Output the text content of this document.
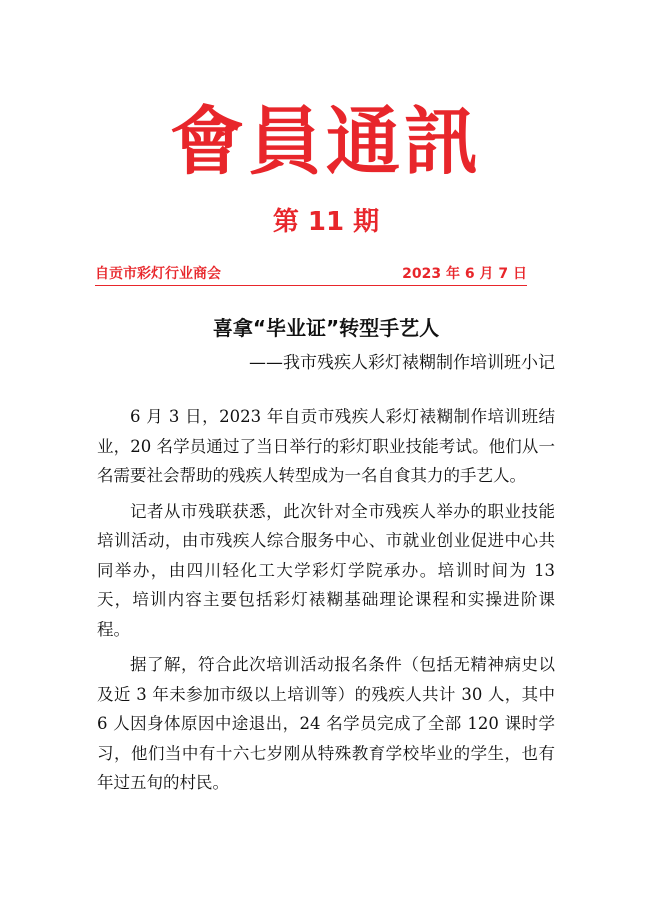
會員通訊
第 11 期
自贡市彩灯行业商会	2023 年 6 月 7 日
喜拿“毕业证”转型手艺人
——我市残疾人彩灯裱糊制作培训班小记

6 月 3 日，2023 年自贡市残疾人彩灯裱糊制作培训班结业，20 名学员通过了当日举行的彩灯职业技能考试。他们从一名需要社会帮助的残疾人转型成为一名自食其力的手艺人。

记者从市残联获悉，此次针对全市残疾人举办的职业技能培训活动，由市残疾人综合服务中心、市就业创业促进中心共同举办，由四川轻化工大学彩灯学院承办。培训时间为 13 天，培训内容主要包括彩灯裱糊基础理论课程和实操进阶课程。

据了解，符合此次培训活动报名条件（包括无精神病史以及近 3 年未参加市级以上培训等）的残疾人共计 30 人，其中 6 人因身体原因中途退出，24 名学员完成了全部 120 课时学习，他们当中有十六七岁刚从特殊教育学校毕业的学生，也有年过五旬的村民。
